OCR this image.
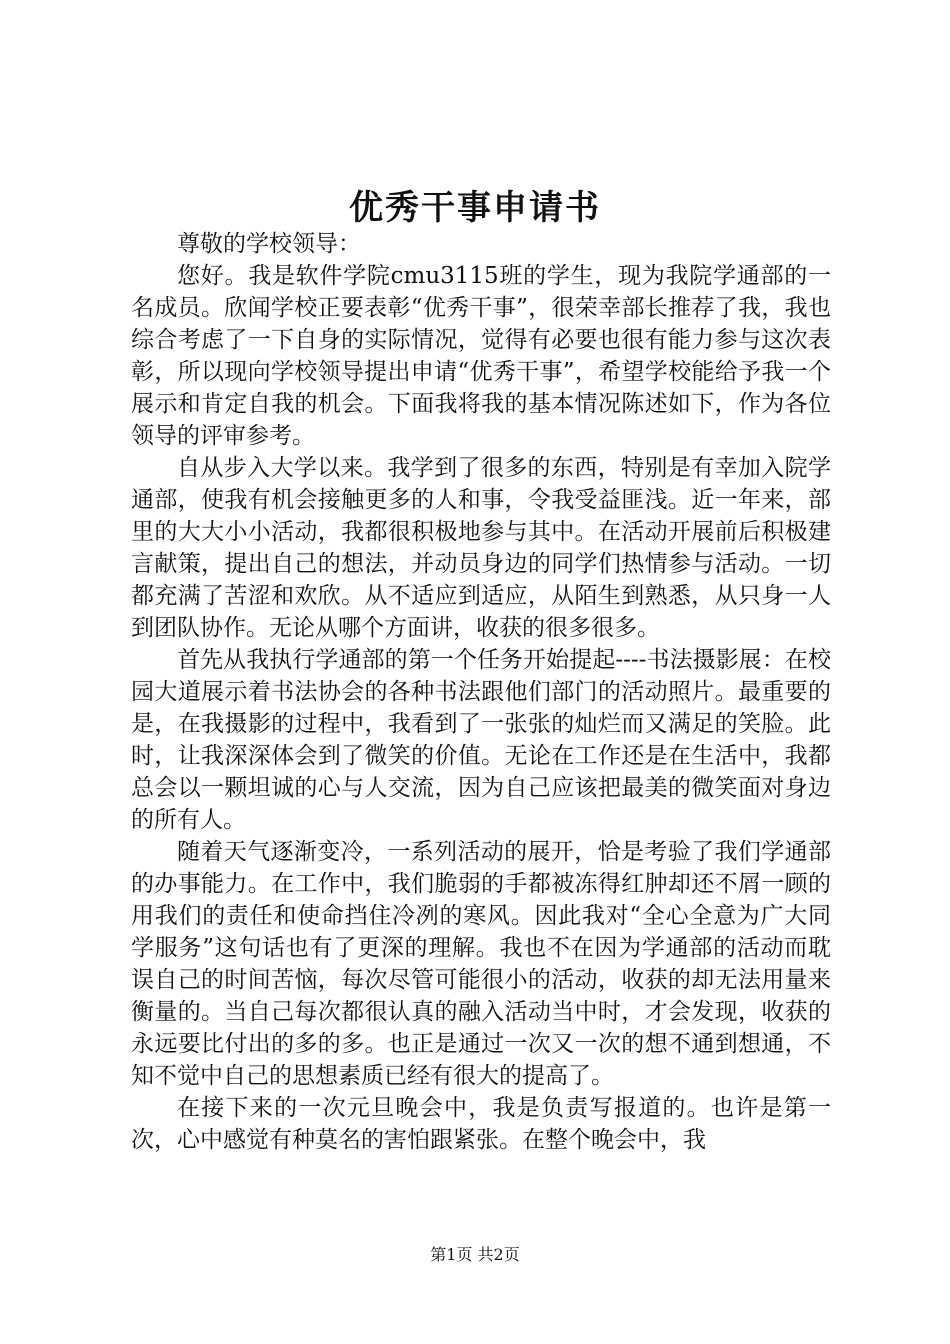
优秀干事申请书

尊敬的学校领导：

您好。我是软件学院cmu3115班的学生，现为我院学通部的一名成员。欣闻学校正要表彰“优秀干事”，很荣幸部长推荐了我，我也综合考虑了一下自身的实际情况，觉得有必要也很有能力参与这次表彰，所以现向学校领导提出申请“优秀干事”，希望学校能给予我一个展示和肯定自我的机会。下面我将我的基本情况陈述如下，作为各位领导的评审参考。

自从步入大学以来。我学到了很多的东西，特别是有幸加入院学通部，使我有机会接触更多的人和事，令我受益匪浅。近一年来，部里的大大小小活动，我都很积极地参与其中。在活动开展前后积极建言献策，提出自己的想法，并动员身边的同学们热情参与活动。一切都充满了苦涩和欢欣。从不适应到适应，从陌生到熟悉，从只身一人到团队协作。无论从哪个方面讲，收获的很多很多。

首先从我执行学通部的第一个任务开始提起----书法摄影展：在校园大道展示着书法协会的各种书法跟他们部门的活动照片。最重要的是，在我摄影的过程中，我看到了一张张的灿烂而又满足的笑脸。此时，让我深深体会到了微笑的价值。无论在工作还是在生活中，我都总会以一颗坦诚的心与人交流，因为自己应该把最美的微笑面对身边的所有人。

随着天气逐渐变冷，一系列活动的展开，恰是考验了我们学通部的办事能力。在工作中，我们脆弱的手都被冻得红肿却还不屑一顾的用我们的责任和使命挡住冷冽的寒风。因此我对“全心全意为广大同学服务”这句话也有了更深的理解。我也不在因为学通部的活动而耽误自己的时间苦恼，每次尽管可能很小的活动，收获的却无法用量来衡量的。当自己每次都很认真的融入活动当中时，才会发现，收获的永远要比付出的多的多。也正是通过一次又一次的想不通到想通，不知不觉中自己的思想素质已经有很大的提高了。

在接下来的一次元旦晚会中，我是负责写报道的。也许是第一次，心中感觉有种莫名的害怕跟紧张。在整个晚会中，我

第1页 共2页
